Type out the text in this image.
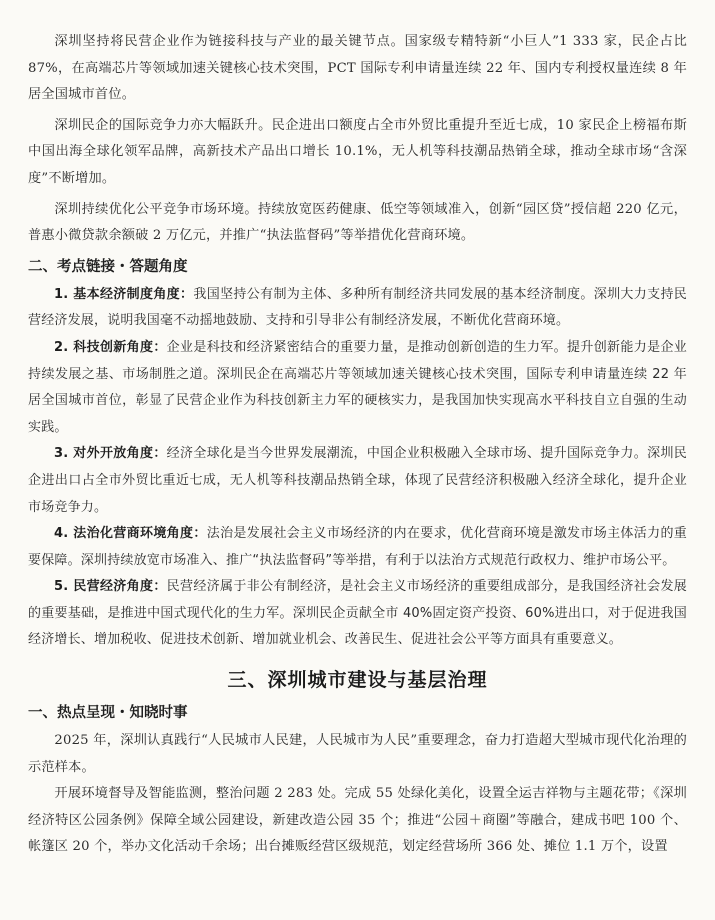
深圳坚持将民营企业作为链接科技与产业的最关键节点。国家级专精特新“小巨人”1 333 家，民企占比 87%，在高端芯片等领域加速关键核心技术突围，PCT 国际专利申请量连续 22 年、国内专利授权量连续 8 年居全国城市首位。

深圳民企的国际竞争力亦大幅跃升。民企进出口额度占全市外贸比重提升至近七成，10 家民企上榜福布斯中国出海全球化领军品牌，高新技术产品出口增长 10.1%，无人机等科技潮品热销全球，推动全球市场“含深度”不断增加。

深圳持续优化公平竞争市场环境。持续放宽医药健康、低空等领域准入，创新“园区贷”授信超 220 亿元，普惠小微贷款余额破 2 万亿元，并推广“执法监督码”等举措优化营商环境。

二、考点链接・答题角度

1. 基本经济制度角度：我国坚持公有制为主体、多种所有制经济共同发展的基本经济制度。深圳大力支持民营经济发展，说明我国毫不动摇地鼓励、支持和引导非公有制经济发展，不断优化营商环境。

2. 科技创新角度：企业是科技和经济紧密结合的重要力量，是推动创新创造的生力军。提升创新能力是企业持续发展之基、市场制胜之道。深圳民企在高端芯片等领域加速关键核心技术突围，国际专利申请量连续 22 年居全国城市首位，彰显了民营企业作为科技创新主力军的硬核实力，是我国加快实现高水平科技自立自强的生动实践。

3. 对外开放角度：经济全球化是当今世界发展潮流，中国企业积极融入全球市场、提升国际竞争力。深圳民企进出口占全市外贸比重近七成，无人机等科技潮品热销全球，体现了民营经济积极融入经济全球化，提升企业市场竞争力。

4. 法治化营商环境角度：法治是发展社会主义市场经济的内在要求，优化营商环境是激发市场主体活力的重要保障。深圳持续放宽市场准入、推广“执法监督码”等举措，有利于以法治方式规范行政权力、维护市场公平。

5. 民营经济角度：民营经济属于非公有制经济，是社会主义市场经济的重要组成部分，是我国经济社会发展的重要基础，是推进中国式现代化的生力军。深圳民企贡献全市 40%固定资产投资、60%进出口，对于促进我国经济增长、增加税收、促进技术创新、增加就业机会、改善民生、促进社会公平等方面具有重要意义。

三、深圳城市建设与基层治理
一、热点呈现・知晓时事

2025 年，深圳认真践行“人民城市人民建，人民城市为人民”重要理念，奋力打造超大型城市现代化治理的示范样本。

开展环境督导及智能监测，整治问题 2 283 处。完成 55 处绿化美化，设置全运吉祥物与主题花带；《深圳经济特区公园条例》保障全域公园建设，新建改造公园 35 个；推进“公园＋商圈”等融合，建成书吧 100 个、帐篷区 20 个，举办文化活动千余场；出台摊贩经营区级规范，划定经营场所 366 处、摊位 1.1 万个，设置
